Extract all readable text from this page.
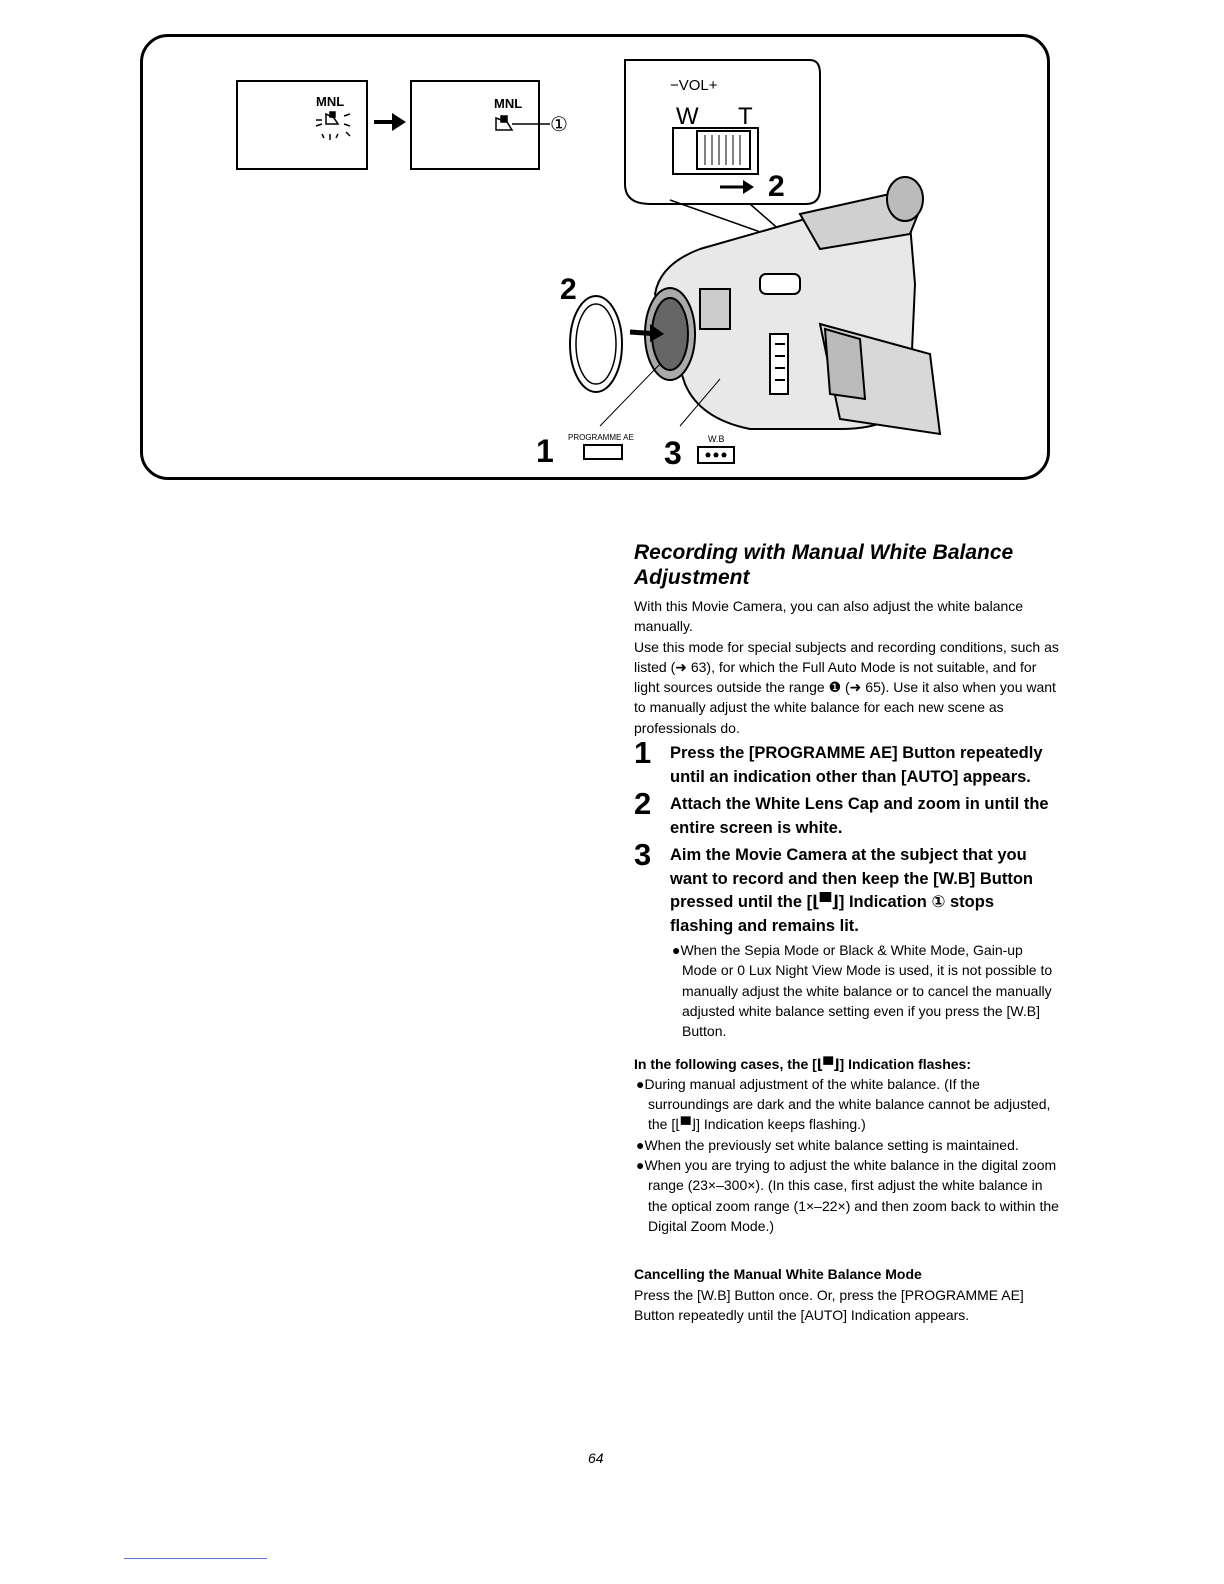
MNL	MNL
①
−VOL+
W T
2
2
1 PROGRAMME AE 3	W.B
Recording with Manual White Balance Adjustment

With this Movie Camera, you can also adjust the white balance manually.

Use this mode for special subjects and recording conditions, such as listed (➜ 63), for which the Full Auto Mode is not suitable, and for light sources outside the range ❶ (➜ 65). Use it also when you want to manually adjust the white balance for each new scene as professionals do.

1 Press the [PROGRAMME AE] Button repeatedly until an indication other than [AUTO] appears.
2 Attach the White Lens Cap and zoom in until the entire screen is white.
3 Aim the Movie Camera at the subject that you want to record and then keep the [W.B] Button pressed until the [⌊▀⌋] Indication ① stops flashing and remains lit.
●When the Sepia Mode or Black & White Mode, Gain-up Mode or 0 Lux Night View Mode is used, it is not possible to manually adjust the white balance or to cancel the manually adjusted white balance setting even if you press the [W.B] Button.
In the following cases, the [⌊▀⌋] Indication flashes:
●During manual adjustment of the white balance. (If the surroundings are dark and the white balance cannot be adjusted, the [⌊▀⌋] Indication keeps flashing.)
●When the previously set white balance setting is maintained.
●When you are trying to adjust the white balance in the digital zoom range (23×–300×). (In this case, first adjust the white balance in the optical zoom range (1×–22×) and then zoom back to within the Digital Zoom Mode.)
Cancelling the Manual White Balance Mode

Press the [W.B] Button once. Or, press the [PROGRAMME AE] Button repeatedly until the [AUTO] Indication appears.

64
